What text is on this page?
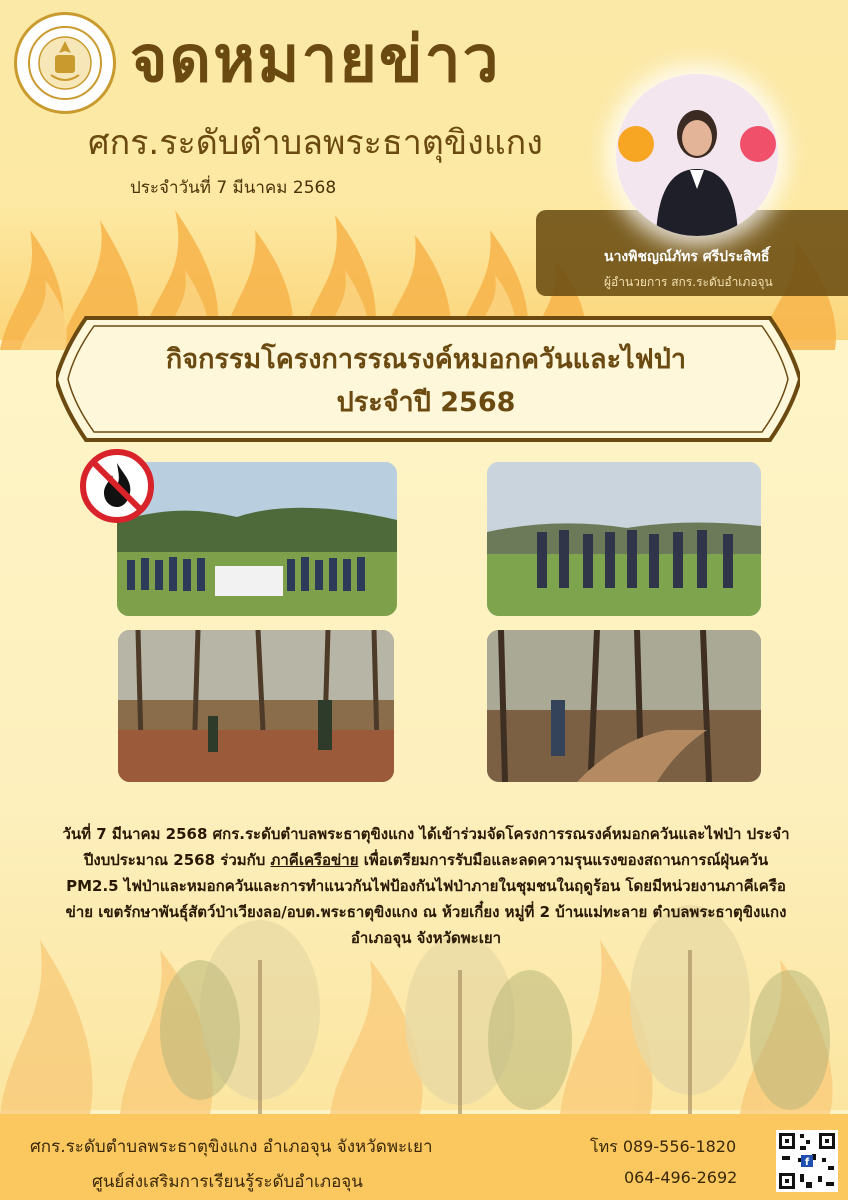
จดหมายข่าว
ศกร.ระดับตำบลพระธาตุขิงแกง
ประจำวันที่ 7 มีนาคม 2568
นางพิชญณ์ภัทร ศรีประสิทธิ์
ผู้อำนวยการ สกร.ระดับอำเภอจุน
กิจกรรมโครงการรณรงค์หมอกควันและไฟป่า
ประจำปี 2568
วันที่ 7 มีนาคม 2568 ศกร.ระดับตำบลพระธาตุขิงแกง ได้เข้าร่วมจัดโครงการรณรงค์หมอกควันและไฟป่า ประจำปีงบประมาณ 2568 ร่วมกับ ภาคีเครือข่าย เพื่อเตรียมการรับมือและลดความรุนแรงของสถานการณ์ฝุ่นควัน PM2.5 ไฟป่าและหมอกควันและการทำแนวกันไฟป้องกันไฟป่าภายในชุมชนในฤดูร้อน โดยมีหน่วยงานภาคีเครือข่าย เขตรักษาพันธุ์สัตว์ป่าเวียงลอ/อบต.พระธาตุขิงแกง ณ ห้วยเกี๋ยง หมู่ที่ 2 บ้านแม่ทะลาย ตำบลพระธาตุขิงแกง อำเภอจุน จังหวัดพะเยา
ศกร.ระดับตำบลพระธาตุขิงแกง อำเภอจุน จังหวัดพะเยา
ศูนย์ส่งเสริมการเรียนรู้ระดับอำเภอจุน
โทร 089-556-1820
064-496-2692
f
